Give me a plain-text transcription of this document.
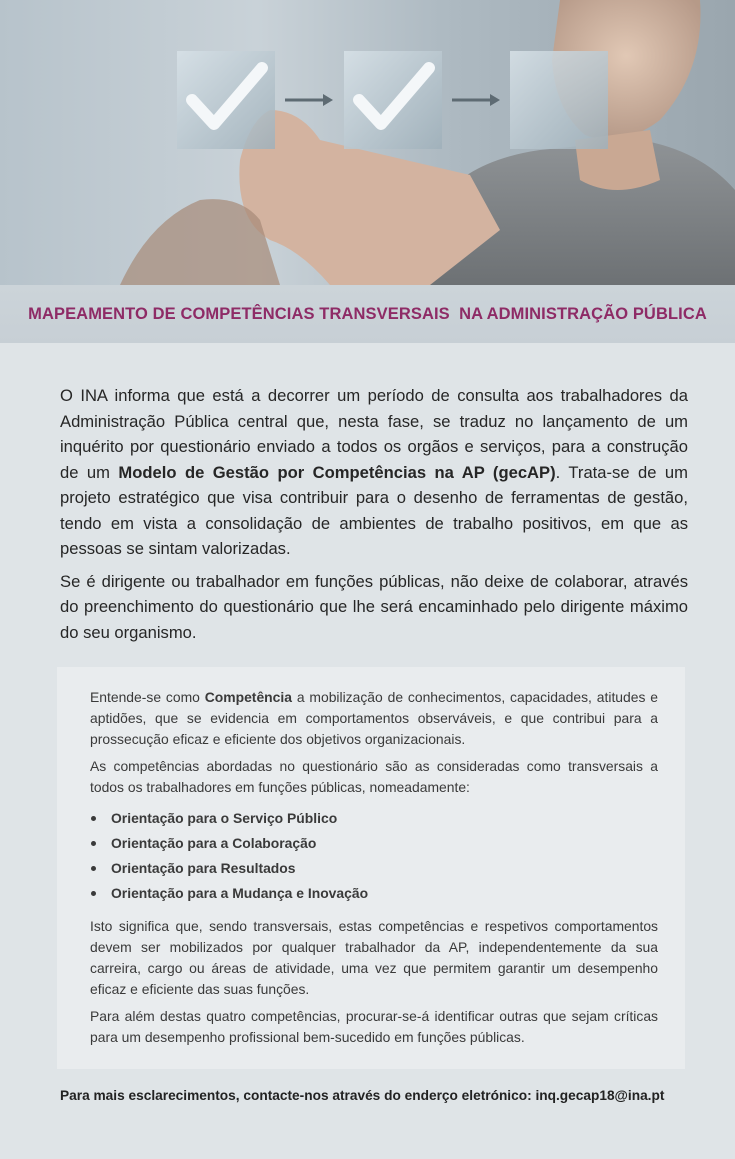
MAPEAMENTO DE COMPETÊNCIAS TRANSVERSAIS  NA ADMINISTRAÇÃO PÚBLICA

O INA informa que está a decorrer um período de consulta aos trabalhadores da Administração Pública central que, nesta fase, se traduz no lançamento de um inquérito por questionário enviado a todos os orgãos e serviços, para a construção de um Modelo de Gestão por Competências na AP (gecAP). Trata-se de um projeto estratégico que visa contribuir para o desenho de ferramentas de gestão, tendo em vista a consolidação de ambientes de trabalho positivos, em que as pessoas se sintam valorizadas.

Se é dirigente ou trabalhador em funções públicas, não deixe de colaborar, através do preenchimento do questionário que lhe será encaminhado pelo dirigente máximo do seu organismo.

Entende-se como Competência a mobilização de conhecimentos, capacidades, atitudes e aptidões, que se evidencia em comportamentos observáveis, e que contribui para a prossecução eficaz e eficiente dos objetivos organizacionais.

As competências abordadas no questionário são as consideradas como transversais a todos os trabalhadores em funções públicas, nomeadamente:

Orientação para o Serviço Público
Orientação para a Colaboração
Orientação para Resultados
Orientação para a Mudança e Inovação

Isto significa que, sendo transversais, estas competências e respetivos comportamentos devem ser mobilizados por qualquer trabalhador da AP, independentemente da sua carreira, cargo ou áreas de atividade, uma vez que permitem garantir um desempenho eficaz e eficiente das suas funções.

Para além destas quatro competências, procurar-se-á identificar outras que sejam críticas para um desempenho profissional bem-sucedido em funções públicas.

Para mais esclarecimentos, contacte-nos através do enderço eletrónico: inq.gecap18@ina.pt
